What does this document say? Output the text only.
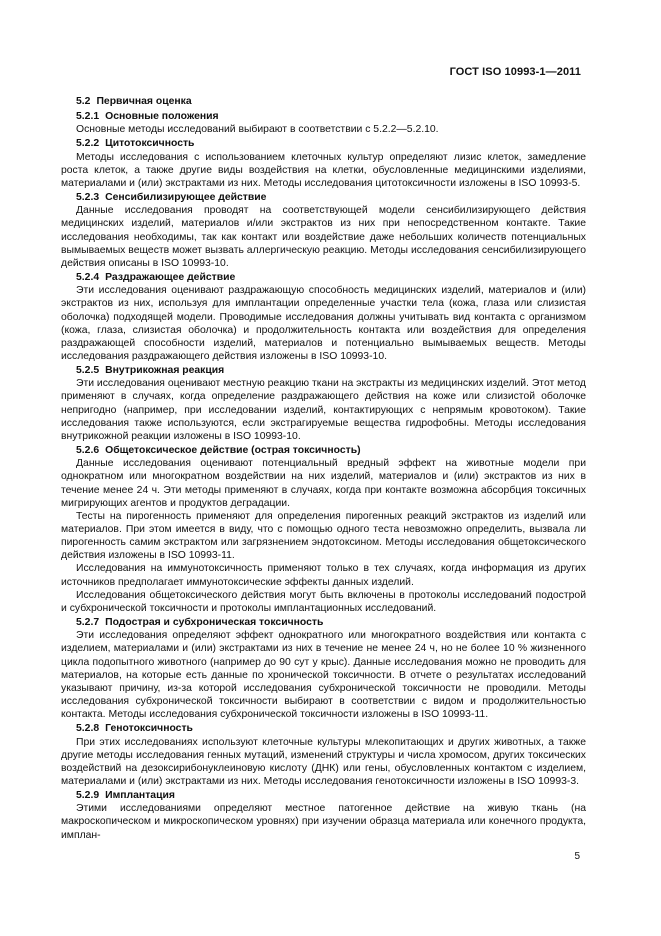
ГОСТ ISO 10993-1—2011
5.2 Первичная оценка
5.2.1 Основные положения

Основные методы исследований выбирают в соответствии с 5.2.2—5.2.10.

5.2.2 Цитотоксичность

Методы исследования с использованием клеточных культур определяют лизис клеток, замедление роста клеток, а также другие виды воздействия на клетки, обусловленные медицинскими изделиями, материалами и (или) экстрактами из них. Методы исследования цитотоксичности изложены в ISO 10993-5.

5.2.3 Сенсибилизирующее действие

Данные исследования проводят на соответствующей модели сенсибилизирующего действия медицинских изделий, материалов и/или экстрактов из них при непосредственном контакте. Такие исследования необходимы, так как контакт или воздействие даже небольших количеств потенциальных вымываемых веществ может вызвать аллергическую реакцию. Методы исследования сенсибилизирующего действия описаны в ISO 10993-10.

5.2.4 Раздражающее действие

Эти исследования оценивают раздражающую способность медицинских изделий, материалов и (или) экстрактов из них, используя для имплантации определенные участки тела (кожа, глаза или слизистая оболочка) подходящей модели. Проводимые исследования должны учитывать вид контакта с организмом (кожа, глаза, слизистая оболочка) и продолжительность контакта или воздействия для определения раздражающей способности изделий, материалов и потенциально вымываемых веществ. Методы исследования раздражающего действия изложены в ISO 10993-10.

5.2.5 Внутрикожная реакция

Эти исследования оценивают местную реакцию ткани на экстракты из медицинских изделий. Этот метод применяют в случаях, когда определение раздражающего действия на коже или слизистой оболочке непригодно (например, при исследовании изделий, контактирующих с непрямым кровотоком). Такие исследования также используются, если экстрагируемые вещества гидрофобны. Методы исследования внутрикожной реакции изложены в ISO 10993-10.

5.2.6 Общетоксическое действие (острая токсичность)

Данные исследования оценивают потенциальный вредный эффект на животные модели при однократном или многократном воздействии на них изделий, материалов и (или) экстрактов из них в течение менее 24 ч. Эти методы применяют в случаях, когда при контакте возможна абсорбция токсичных мигрирующих агентов и продуктов деградации.

Тесты на пирогенность применяют для определения пирогенных реакций экстрактов из изделий или материалов. При этом имеется в виду, что с помощью одного теста невозможно определить, вызвала ли пирогенность самим экстрактом или загрязнением эндотоксином. Методы исследования общетоксического действия изложены в ISO 10993-11.

Исследования на иммунотоксичность применяют только в тех случаях, когда информация из других источников предполагает иммунотоксические эффекты данных изделий.

Исследования общетоксического действия могут быть включены в протоколы исследований подострой и субхронической токсичности и протоколы имплантационных исследований.

5.2.7 Подострая и субхроническая токсичность

Эти исследования определяют эффект однократного или многократного воздействия или контакта с изделием, материалами и (или) экстрактами из них в течение не менее 24 ч, но не более 10 % жизненного цикла подопытного животного (например до 90 сут у крыс). Данные исследования можно не проводить для материалов, на которые есть данные по хронической токсичности. В отчете о результатах исследований указывают причину, из-за которой исследования субхронической токсичности не проводили. Методы исследования субхронической токсичности выбирают в соответствии с видом и продолжительностью контакта. Методы исследования субхронической токсичности изложены в ISO 10993-11.

5.2.8 Генотоксичность

При этих исследованиях используют клеточные культуры млекопитающих и других животных, а также другие методы исследования генных мутаций, изменений структуры и числа хромосом, других токсических воздействий на дезоксирибонуклеиновую кислоту (ДНК) или гены, обусловленных контактом с изделием, материалами и (или) экстрактами из них. Методы исследования генотоксичности изложены в ISO 10993-3.

5.2.9 Имплантация

Этими исследованиями определяют местное патогенное действие на живую ткань (на макроскопическом и микроскопическом уровнях) при изучении образца материала или конечного продукта, имплан-

5
